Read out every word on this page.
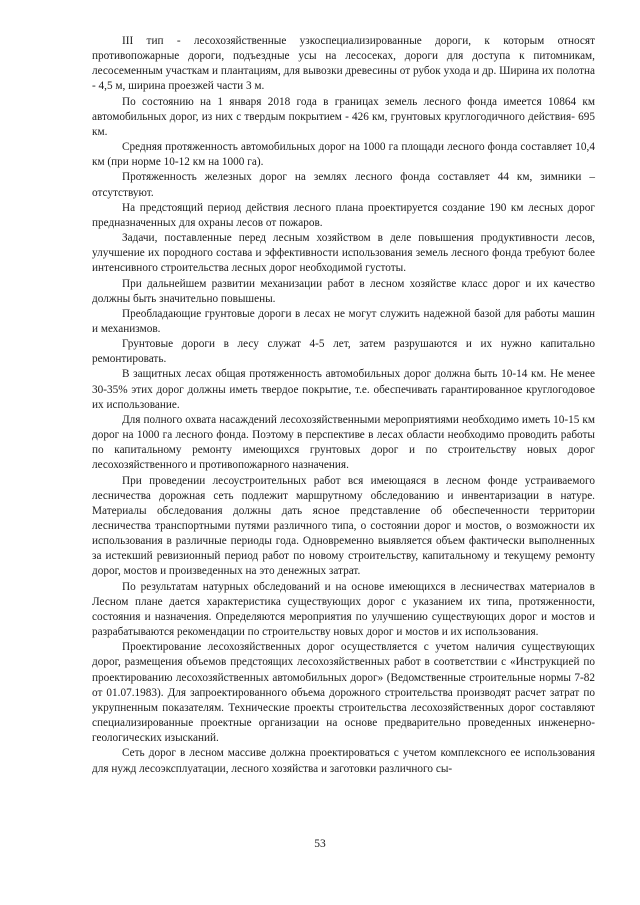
III тип - лесохозяйственные узкоспециализированные дороги, к которым относят противопожарные дороги, подъездные усы на лесосеках, дороги для доступа к питомникам, лесосеменным участкам и плантациям, для вывозки древесины от рубок ухода и др. Ширина их полотна - 4,5 м, ширина проезжей части 3 м.

По состоянию на 1 января 2018 года в границах земель лесного фонда имеется 10864 км автомобильных дорог, из них с твердым покрытием - 426 км, грунтовых круглогодичного действия- 695 км.

Средняя протяженность автомобильных дорог на 1000 га площади лесного фонда составляет 10,4 км (при норме 10-12 км на 1000 га).

Протяженность железных дорог на землях лесного фонда составляет 44 км, зимники – отсутствуют.

На предстоящий период действия лесного плана проектируется создание 190 км лесных дорог предназначенных для охраны лесов от пожаров.

Задачи, поставленные перед лесным хозяйством в деле повышения продуктивности лесов, улучшение их породного состава и эффективности использования земель лесного фонда требуют более интенсивного строительства лесных дорог необходимой густоты.

При дальнейшем развитии механизации работ в лесном хозяйстве класс дорог и их качество должны быть значительно повышены.

Преобладающие грунтовые дороги в лесах не могут служить надежной базой для работы машин и механизмов.

Грунтовые дороги в лесу служат 4-5 лет, затем разрушаются и их нужно капитально ремонтировать.

В защитных лесах общая протяженность автомобильных дорог должна быть 10-14 км. Не менее 30-35% этих дорог должны иметь твердое покрытие, т.е. обеспечивать гарантированное круглогодовое их использование.

Для полного охвата насаждений лесохозяйственными мероприятиями необходимо иметь 10-15 км дорог на 1000 га лесного фонда. Поэтому в перспективе в лесах области необходимо проводить работы по капитальному ремонту имеющихся грунтовых дорог и по строительству новых дорог лесохозяйственного и противопожарного назначения.

При проведении лесоустроительных работ вся имеющаяся в лесном фонде устраиваемого лесничества дорожная сеть подлежит маршрутному обследованию и инвентаризации в натуре. Материалы обследования должны дать ясное представление об обеспеченности территории лесничества транспортными путями различного типа, о состоянии дорог и мостов, о возможности их использования в различные периоды года. Одновременно выявляется объем фактически выполненных за истекший ревизионный период работ по новому строительству, капитальному и текущему ремонту дорог, мостов и произведенных на это денежных затрат.

По результатам натурных обследований и на основе имеющихся в лесничествах материалов в Лесном плане дается характеристика существующих дорог с указанием их типа, протяженности, состояния и назначения. Определяются мероприятия по улучшению существующих дорог и мостов и разрабатываются рекомендации по строительству новых дорог и мостов и их использования.

Проектирование лесохозяйственных дорог осуществляется с учетом наличия существующих дорог, размещения объемов предстоящих лесохозяйственных работ в соответствии с «Инструкцией по проектированию лесохозяйственных автомобильных дорог» (Ведомственные строительные нормы 7-82 от 01.07.1983). Для запроектированного объема дорожного строительства производят расчет затрат по укрупненным показателям. Технические проекты строительства лесохозяйственных дорог составляют специализированные проектные организации на основе предварительно проведенных инженерно-геологических изысканий.

Сеть дорог в лесном массиве должна проектироваться с учетом комплексного ее использования для нужд лесоэксплуатации, лесного хозяйства и заготовки различного сы-

53
